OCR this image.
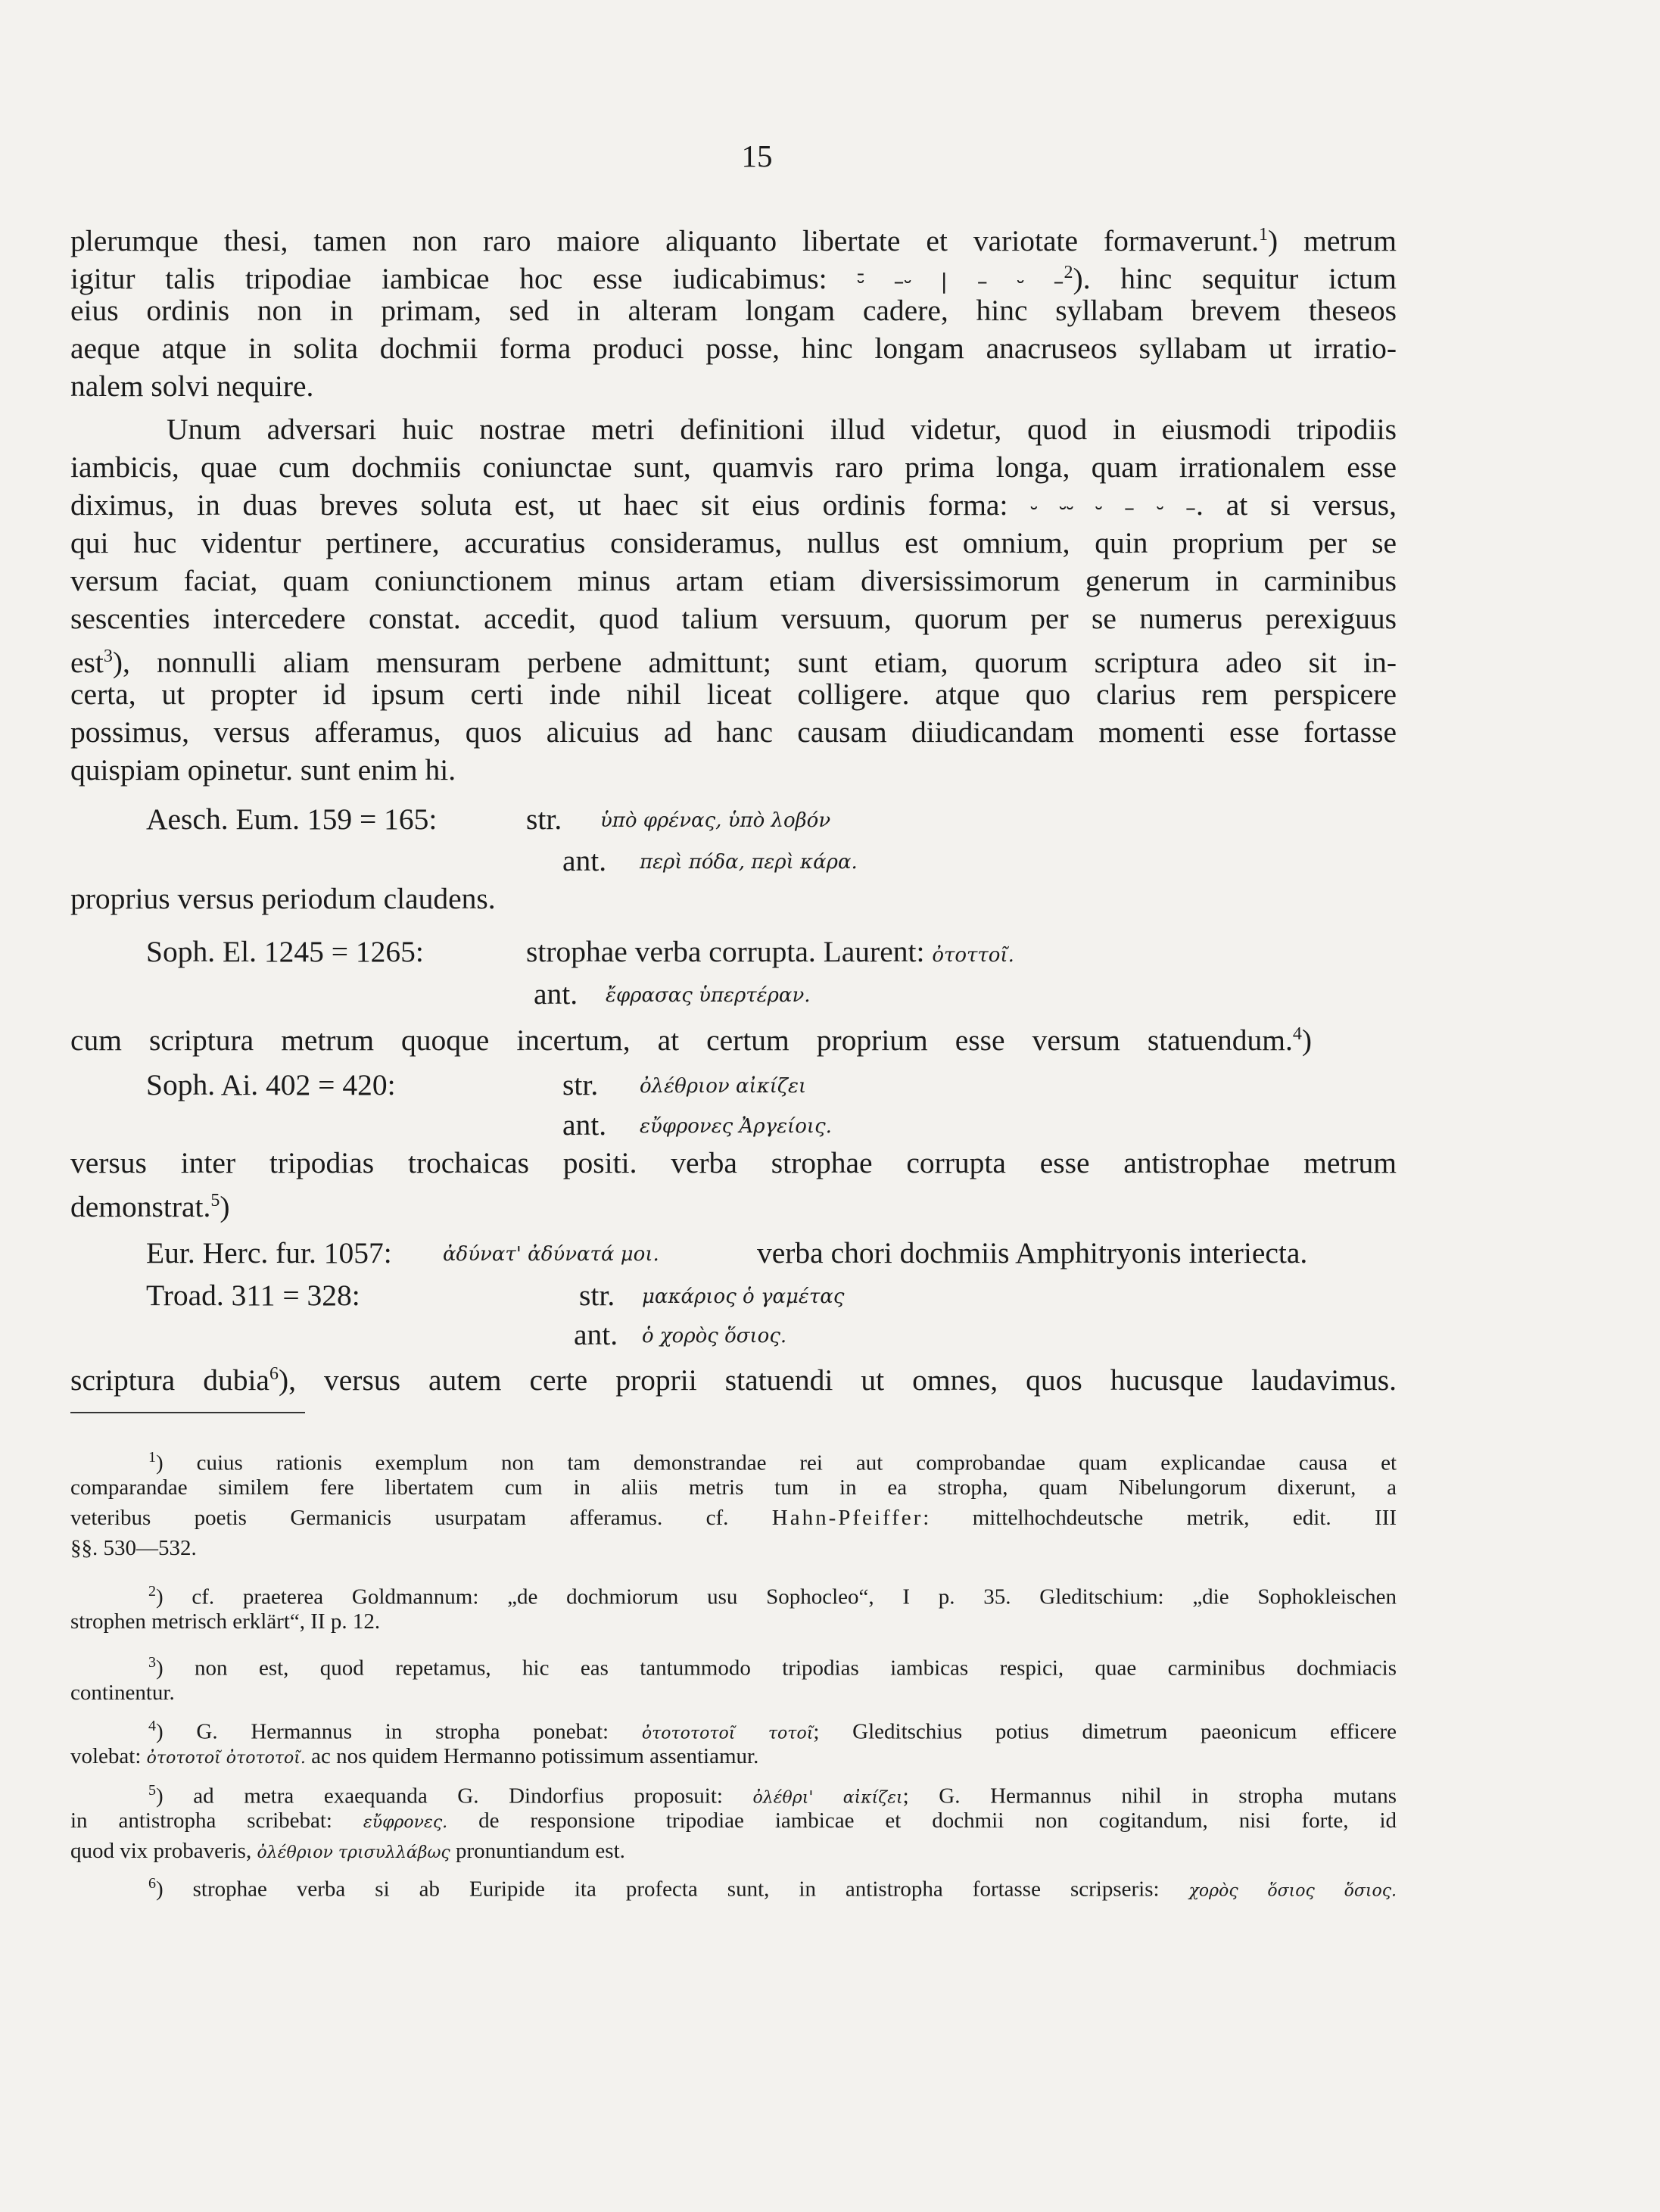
15
plerumque thesi, tamen non raro maiore aliquanto libertate et variotate formaverunt.$^1$) metrum
igitur talis tripodiae iambicae hoc esse iudicabimus: ⏑̄ –⏑ | – ⏑ –$^2$). hinc sequitur ictum
eius ordinis non in primam, sed in alteram longam cadere, hinc syllabam brevem theseos
aeque atque in solita dochmii forma produci posse, hinc longam anacruseos syllabam ut irratio-
nalem solvi nequire.
Unum adversari huic nostrae metri definitioni illud videtur, quod in eiusmodi tripodiis
iambicis, quae cum dochmiis coniunctae sunt, quamvis raro prima longa, quam irrationalem esse
diximus, in duas breves soluta est, ut haec sit eius ordinis forma: ⏑ ⏑⏑ ⏑ – ⏑ –. at si versus,
qui huc videntur pertinere, accuratius consideramus, nullus est omnium, quin proprium per se
versum faciat, quam coniunctionem minus artam etiam diversissimorum generum in carminibus
sescenties intercedere constat. accedit, quod talium versuum, quorum per se numerus perexiguus
est$^3$), nonnulli aliam mensuram perbene admittunt; sunt etiam, quorum scriptura adeo sit in-
certa, ut propter id ipsum certi inde nihil liceat colligere. atque quo clarius rem perspicere
possimus, versus afferamus, quos alicuius ad hanc causam diiudicandam momenti esse fortasse
quispiam opinetur. sunt enim hi.
Aesch. Eum. 159 = 165:	str. ὑπὸ φρένας, ὑπὸ λοβόν
ant. περὶ πόδα, περὶ κάρα.
proprius versus periodum claudens.
Soph. El. 1245 = 1265:	strophae verba corrupta. Laurent: ὀτοττοῖ.
ant. ἔφρασας ὑπερτέραν.
cum scriptura metrum quoque incertum, at certum proprium esse versum statuendum.$^4$)
Soph. Ai. 402 = 420:	str. ὀλέθριον αἰκίζει
ant. εὔφρονες Ἀργείοις.
versus inter tripodias trochaicas positi. verba strophae corrupta esse antistrophae metrum
demonstrat.$^5$)
Eur. Herc. fur. 1057:	ἀδύνατ' ἀδύνατά μοι.	verba chori dochmiis Amphitryonis interiecta.
Troad. 311 = 328:	str. μακάριος ὁ γαμέτας
ant. ὁ χορὸς ὅσιος.
scriptura dubia$^6$), versus autem certe proprii statuendi ut omnes, quos hucusque laudavimus.
$^1$) cuius rationis exemplum non tam demonstrandae rei aut comprobandae quam explicandae causa et
comparandae similem fere libertatem cum in aliis metris tum in ea stropha, quam Nibelungorum dixerunt, a
veteribus poetis Germanicis usurpatam afferamus. cf. Hahn-Pfeiffer: mittelhochdeutsche metrik, edit. III
§§. 530—532.
$^2$) cf. praeterea Goldmannum: „de dochmiorum usu Sophocleo“, I p. 35. Gleditschium: „die Sophokleischen
strophen metrisch erklärt“, II p. 12.
$^3$) non est, quod repetamus, hic eas tantummodo tripodias iambicas respici, quae carminibus dochmiacis
continentur.
$^4$) G. Hermannus in stropha ponebat: ὀτοτοτοτοῖ τοτοῖ; Gleditschius potius dimetrum paeonicum efficere
volebat: ὀτοτοτοῖ ὀτοτοτοῖ. ac nos quidem Hermanno potissimum assentiamur.
$^5$) ad metra exaequanda G. Dindorfius proposuit: ὀλέθρι' αἰκίζει; G. Hermannus nihil in stropha mutans
in antistropha scribebat: εὔφρονες. de responsione tripodiae iambicae et dochmii non cogitandum, nisi forte, id
quod vix probaveris, ὀλέθριον τρισυλλάβως pronuntiandum est.
$^6$) strophae verba si ab Euripide ita profecta sunt, in antistropha fortasse scripseris: χορὸς ὅσιος ὅσιος.
